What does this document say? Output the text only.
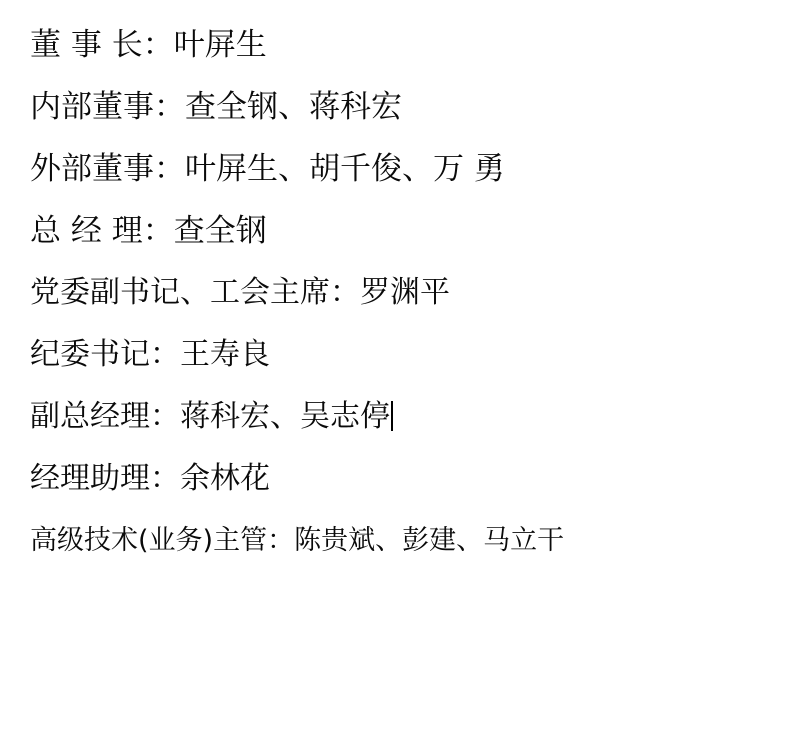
董 事 长：叶屏生
内部董事：查全钢、蒋科宏
外部董事：叶屏生、胡千俊、万 勇
总 经 理：查全钢
党委副书记、工会主席：罗渊平
纪委书记：王寿良
副总经理：蒋科宏、吴志停
经理助理：余林花
高级技术(业务)主管：陈贵斌、彭建、马立干
